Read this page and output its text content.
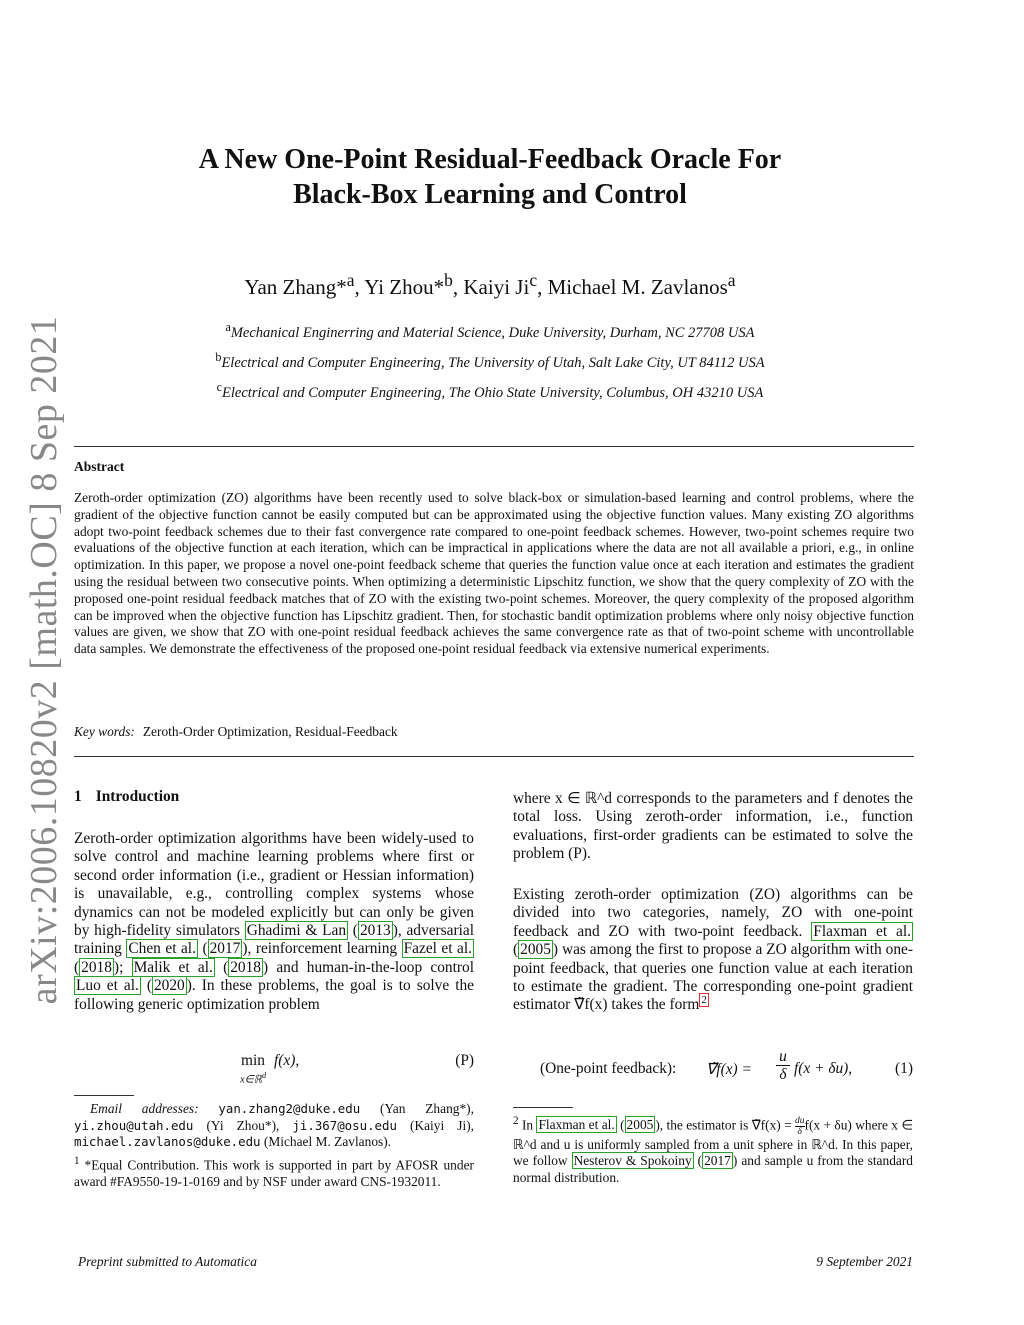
arXiv:2006.10820v2 [math.OC] 8 Sep 2021
A New One-Point Residual-Feedback Oracle For
Black-Box Learning and Control
Yan Zhang*$^a$, Yi Zhou*$^b$, Kaiyi Ji$^c$, Michael M. Zavlanos$^a$
$^a$Mechanical Enginerring and Material Science, Duke University, Durham, NC 27708 USA
$^b$Electrical and Computer Engineering, The University of Utah, Salt Lake City, UT 84112 USA
$^c$Electrical and Computer Engineering, The Ohio State University, Columbus, OH 43210 USA
Abstract
Zeroth-order optimization (ZO) algorithms have been recently used to solve black-box or simulation-based learning and control problems, where the gradient of the objective function cannot be easily computed but can be approximated using the objective function values. Many existing ZO algorithms adopt two-point feedback schemes due to their fast convergence rate compared to one-point feedback schemes. However, two-point schemes require two evaluations of the objective function at each iteration, which can be impractical in applications where the data are not all available a priori, e.g., in online optimization. In this paper, we propose a novel one-point feedback scheme that queries the function value once at each iteration and estimates the gradient using the residual between two consecutive points. When optimizing a deterministic Lipschitz function, we show that the query complexity of ZO with the proposed one-point residual feedback matches that of ZO with the existing two-point schemes. Moreover, the query complexity of the proposed algorithm can be improved when the objective function has Lipschitz gradient. Then, for stochastic bandit optimization problems where only noisy objective function values are given, we show that ZO with one-point residual feedback achieves the same convergence rate as that of two-point scheme with uncontrollable data samples. We demonstrate the effectiveness of the proposed one-point residual feedback via extensive numerical experiments.
Key words: Zeroth-Order Optimization, Residual-Feedback
1 Introduction

Zeroth-order optimization algorithms have been widely-used to solve control and machine learning problems where first or second order information (i.e., gradient or Hessian information) is unavailable, e.g., controlling complex systems whose dynamics can not be modeled explicitly but can only be given by high-fidelity simulators Ghadimi & Lan ( 2013 ), adversarial training Chen et al. ( 2017 ), reinforcement learning Fazel et al. ( 2018 ); Malik et al. ( 2018 ) and human-in-the-loop control Luo et al. ( 2020 ). In these problems, the goal is to solve the following generic optimization problem

min
x∈ℝ$^d$
f(x),	(P)
Email addresses: yan.zhang2@duke.edu (Yan Zhang*), yi.zhou@utah.edu (Yi Zhou*), ji.367@osu.edu (Kaiyi Ji), michael.zavlanos@duke.edu (Michael M. Zavlanos).
$^1$ *Equal Contribution. This work is supported in part by AFOSR under award #FA9550-19-1-0169 and by NSF under award CNS-1932011.

where x ∈ ℝ^d corresponds to the parameters and f denotes the total loss. Using zeroth-order information, i.e., function evaluations, first-order gradients can be estimated to solve the problem (P).

Existing zeroth-order optimization (ZO) algorithms can be divided into two categories, namely, ZO with one-point feedback and ZO with two-point feedback. Flaxman et al. ( 2005 ) was among the first to propose a ZO algorithm with one-point feedback, that queries one function value at each iteration to estimate the gradient. The corresponding one-point gradient estimator ∇̃f(x) takes the form $^2$

(One-point feedback): ∇̃f(x) = $\frac{u}{\delta} f(x + \delta u)$,	(1)
$^2$ In Flaxman et al. ( 2005 ), the estimator is ∇̃f(x) = $\frac{du}{\delta} f(x + \delta u)$ where x ∈ ℝ^d and u is uniformly sampled from a unit sphere in ℝ^d. In this paper, we follow Nesterov & Spokoiny ( 2017 ) and sample u from the standard normal distribution.
Preprint submitted to Automatica	9 September 2021
